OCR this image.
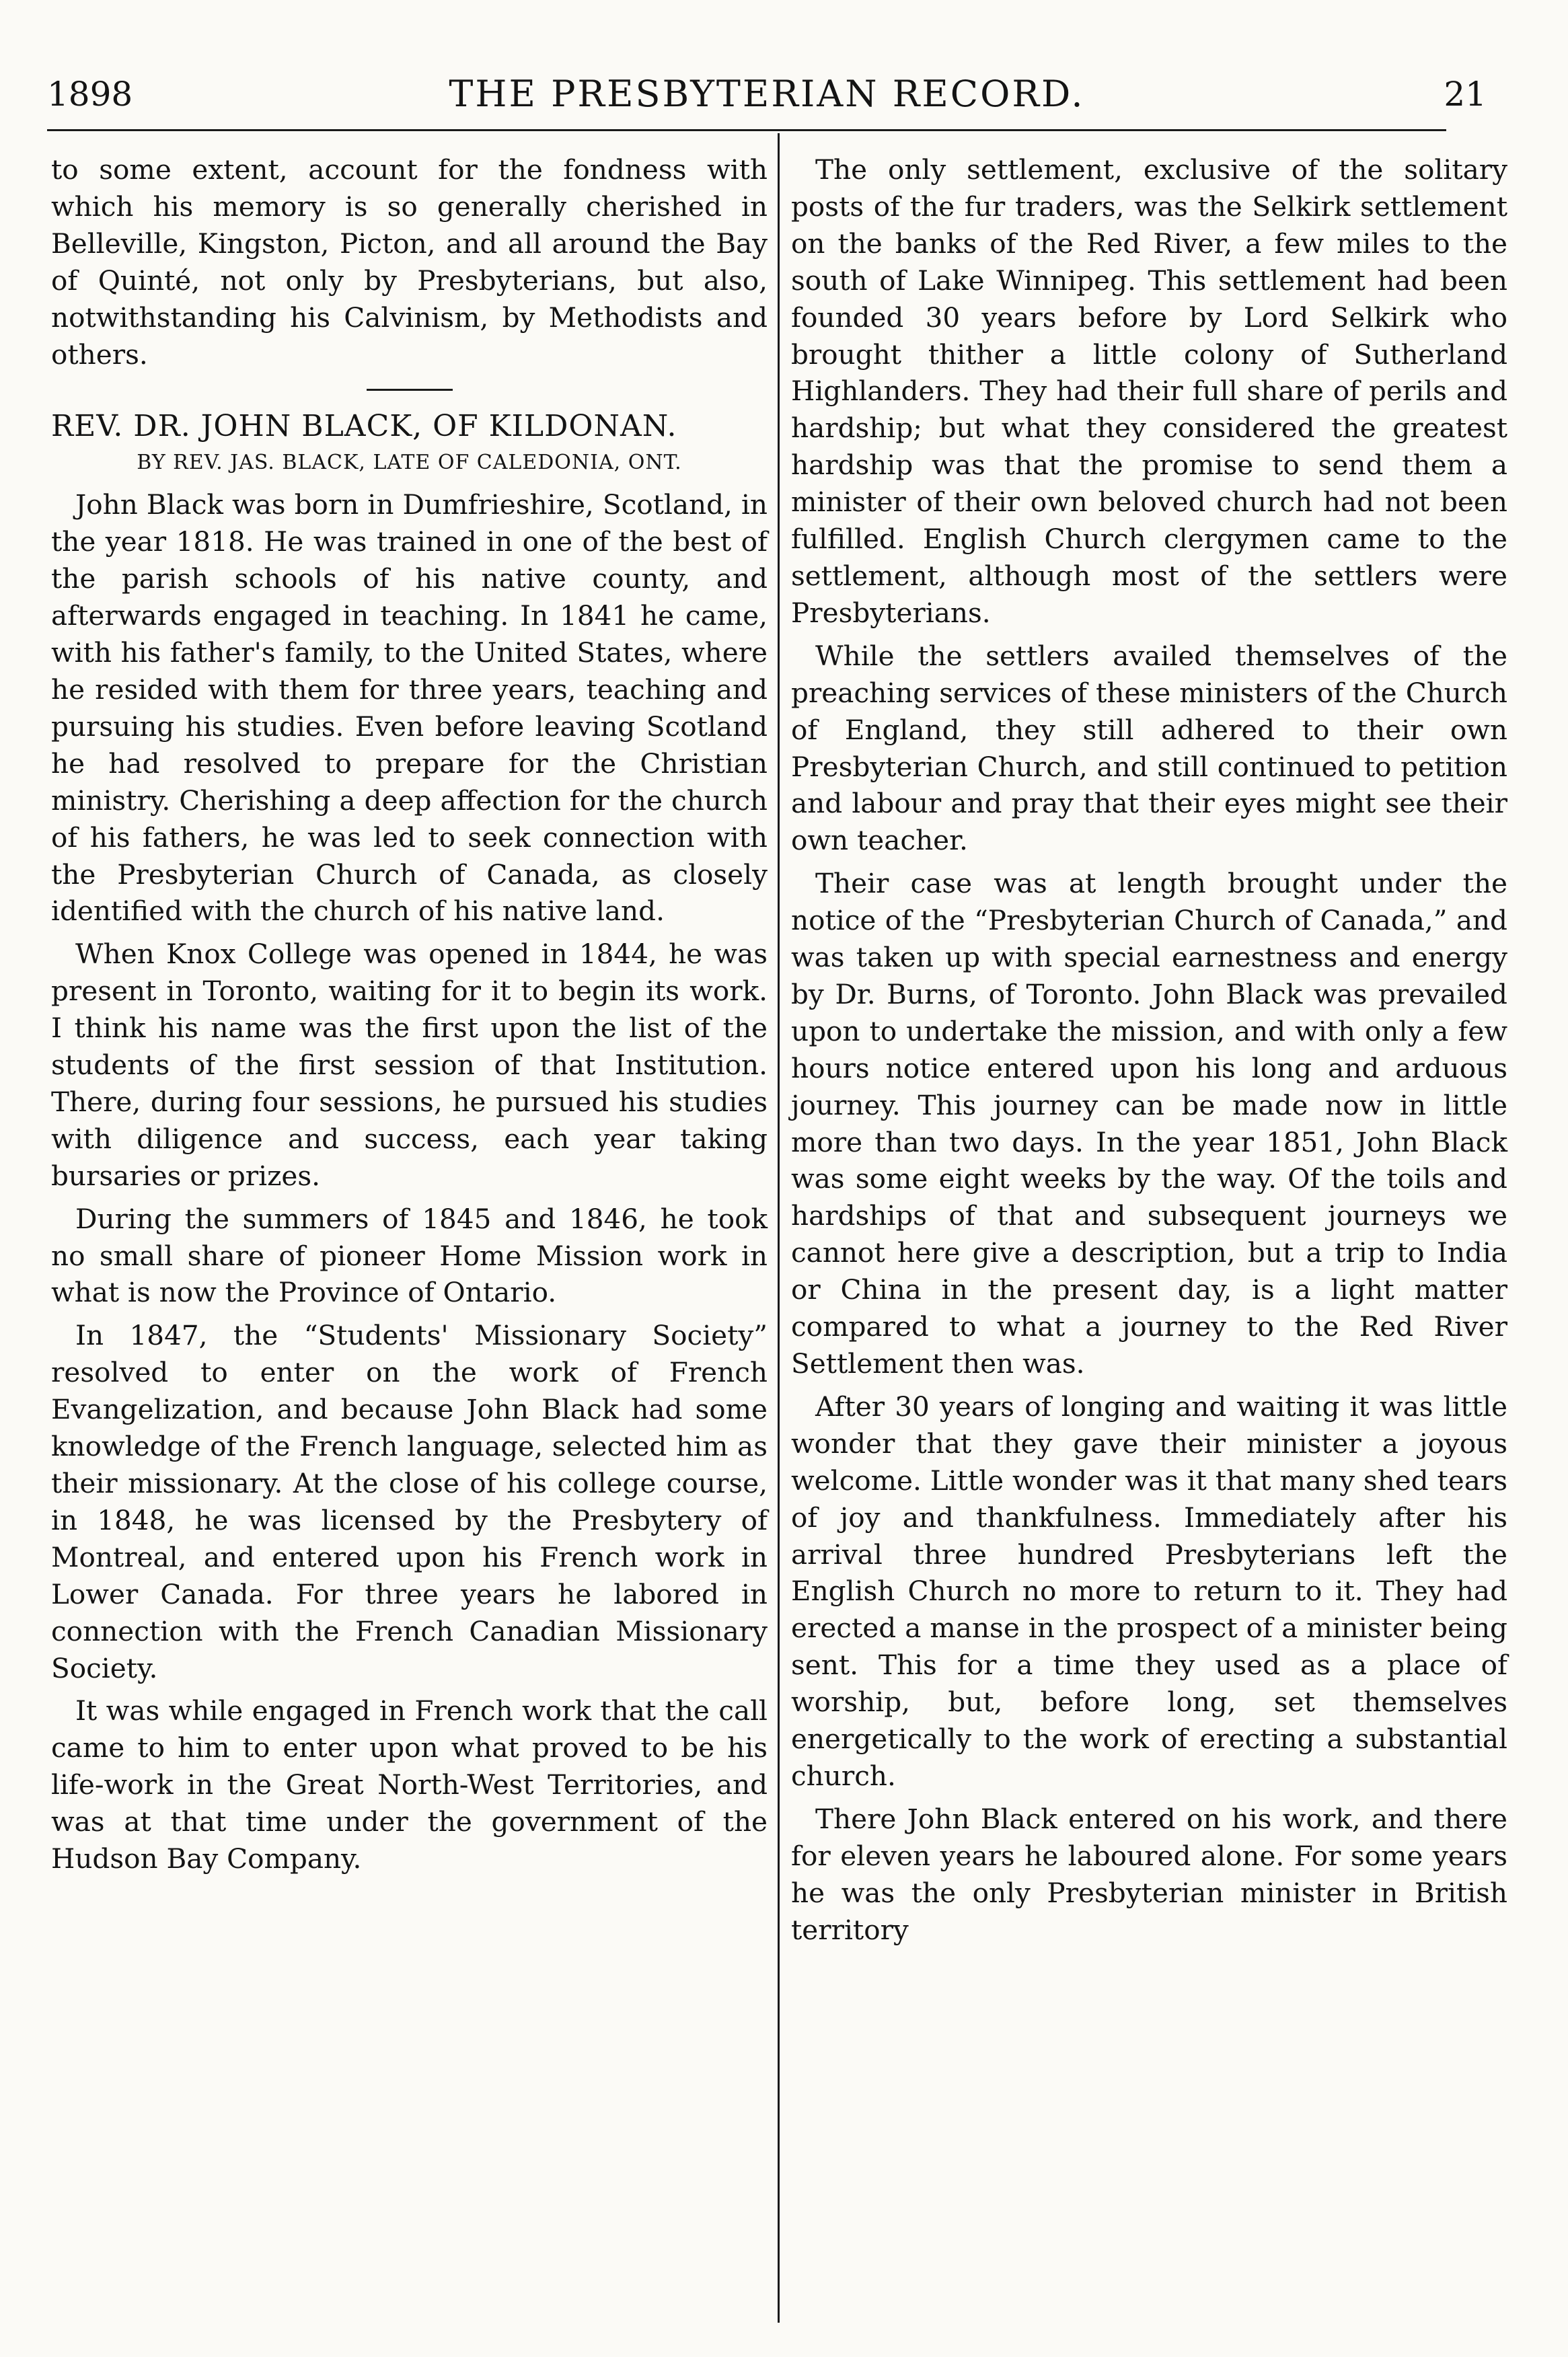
1898	THE PRESBYTERIAN RECORD.	21

to some extent, account for the fondness with which his memory is so generally cherished in Belleville, Kingston, Picton, and all around the Bay of Quinté, not only by Presbyterians, but also, notwithstanding his Calvinism, by Methodists and others.

REV. DR. JOHN BLACK, OF KILDONAN.
BY REV. JAS. BLACK, LATE OF CALEDONIA, ONT.

John Black was born in Dumfrieshire, Scotland, in the year 1818. He was trained in one of the best of the parish schools of his native county, and afterwards engaged in teaching. In 1841 he came, with his father's family, to the United States, where he resided with them for three years, teaching and pursuing his studies. Even before leaving Scotland he had resolved to prepare for the Christian ministry. Cherishing a deep affection for the church of his fathers, he was led to seek connection with the Presbyterian Church of Canada, as closely identified with the church of his native land.

When Knox College was opened in 1844, he was present in Toronto, waiting for it to begin its work. I think his name was the first upon the list of the students of the first session of that Institution. There, during four sessions, he pursued his studies with diligence and success, each year taking bursaries or prizes.

During the summers of 1845 and 1846, he took no small share of pioneer Home Mission work in what is now the Province of Ontario.

In 1847, the “Students' Missionary Society” resolved to enter on the work of French Evangelization, and because John Black had some knowledge of the French language, selected him as their missionary. At the close of his college course, in 1848, he was licensed by the Presbytery of Montreal, and entered upon his French work in Lower Canada. For three years he labored in connection with the French Canadian Missionary Society.

It was while engaged in French work that the call came to him to enter upon what proved to be his life-work in the Great North-West Territories, and was at that time under the government of the Hudson Bay Company.

The only settlement, exclusive of the solitary posts of the fur traders, was the Selkirk settlement on the banks of the Red River, a few miles to the south of Lake Winnipeg. This settlement had been founded 30 years before by Lord Selkirk who brought thither a little colony of Sutherland Highlanders. They had their full share of perils and hardship; but what they considered the greatest hardship was that the promise to send them a minister of their own beloved church had not been fulfilled. English Church clergymen came to the settlement, although most of the settlers were Presbyterians.

While the settlers availed themselves of the preaching services of these ministers of the Church of England, they still adhered to their own Presbyterian Church, and still continued to petition and labour and pray that their eyes might see their own teacher.

Their case was at length brought under the notice of the “Presbyterian Church of Canada,” and was taken up with special earnestness and energy by Dr. Burns, of Toronto. John Black was prevailed upon to undertake the mission, and with only a few hours notice entered upon his long and arduous journey. This journey can be made now in little more than two days. In the year 1851, John Black was some eight weeks by the way. Of the toils and hardships of that and subsequent journeys we cannot here give a description, but a trip to India or China in the present day, is a light matter compared to what a journey to the Red River Settlement then was.

After 30 years of longing and waiting it was little wonder that they gave their minister a joyous welcome. Little wonder was it that many shed tears of joy and thankfulness. Immediately after his arrival three hundred Presbyterians left the English Church no more to return to it. They had erected a manse in the prospect of a minister being sent. This for a time they used as a place of worship, but, before long, set themselves energetically to the work of erecting a substantial church.

There John Black entered on his work, and there for eleven years he laboured alone. For some years he was the only Presbyterian minister in British territory
